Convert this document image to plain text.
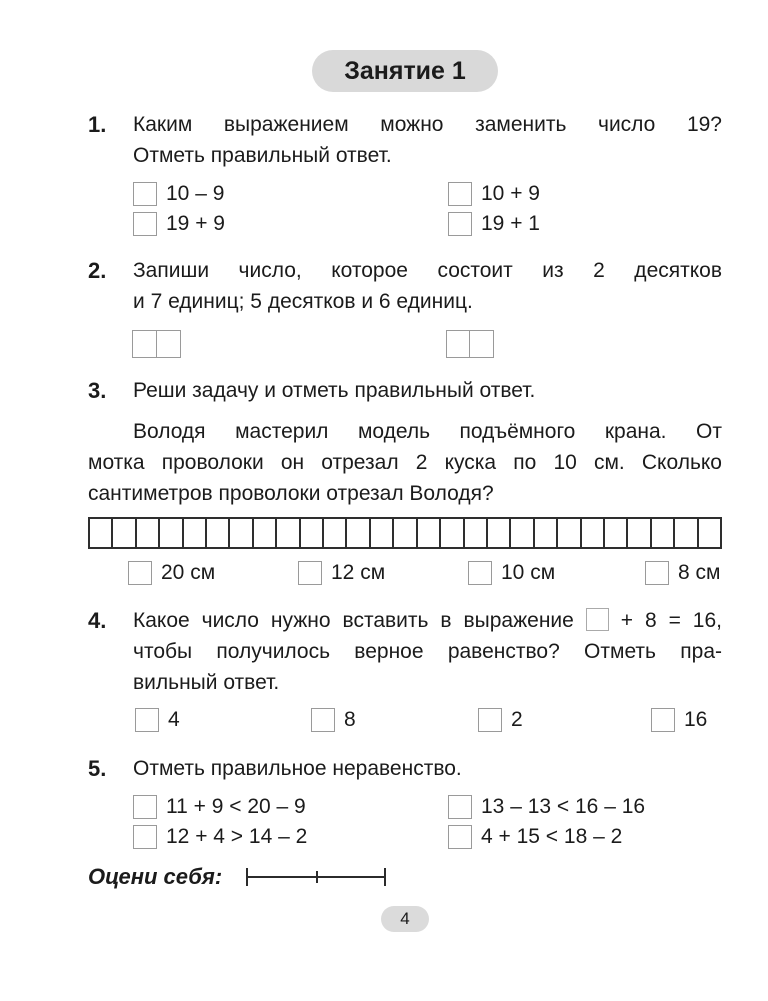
Занятие 1
1.	Каким выражением можно заменить число 19?
Отметь правильный ответ.
10 – 9	10 + 9
19 + 9	19 + 1
2.	Запиши число, которое состоит из 2 десятков
и 7 единиц; 5 десятков и 6 единиц.
3.	Реши задачу и отметь правильный ответ.
Володя мастерил модель подъёмного крана. От
мотка проволоки он отрезал 2 куска по 10 см. Сколько
сантиметров проволоки отрезал Володя?
20 см	12 см	10 см	8 см
4.	Какое число нужно вставить в выражение + 8 = 16,
чтобы получилось верное равенство? Отметь пра-
вильный ответ.
4	8	2	16
5.	Отметь правильное неравенство.
11 + 9 < 20 – 9	13 – 13 < 16 – 16
12 + 4 > 14 – 2	4 + 15 < 18 – 2
Оцени себя:
4
